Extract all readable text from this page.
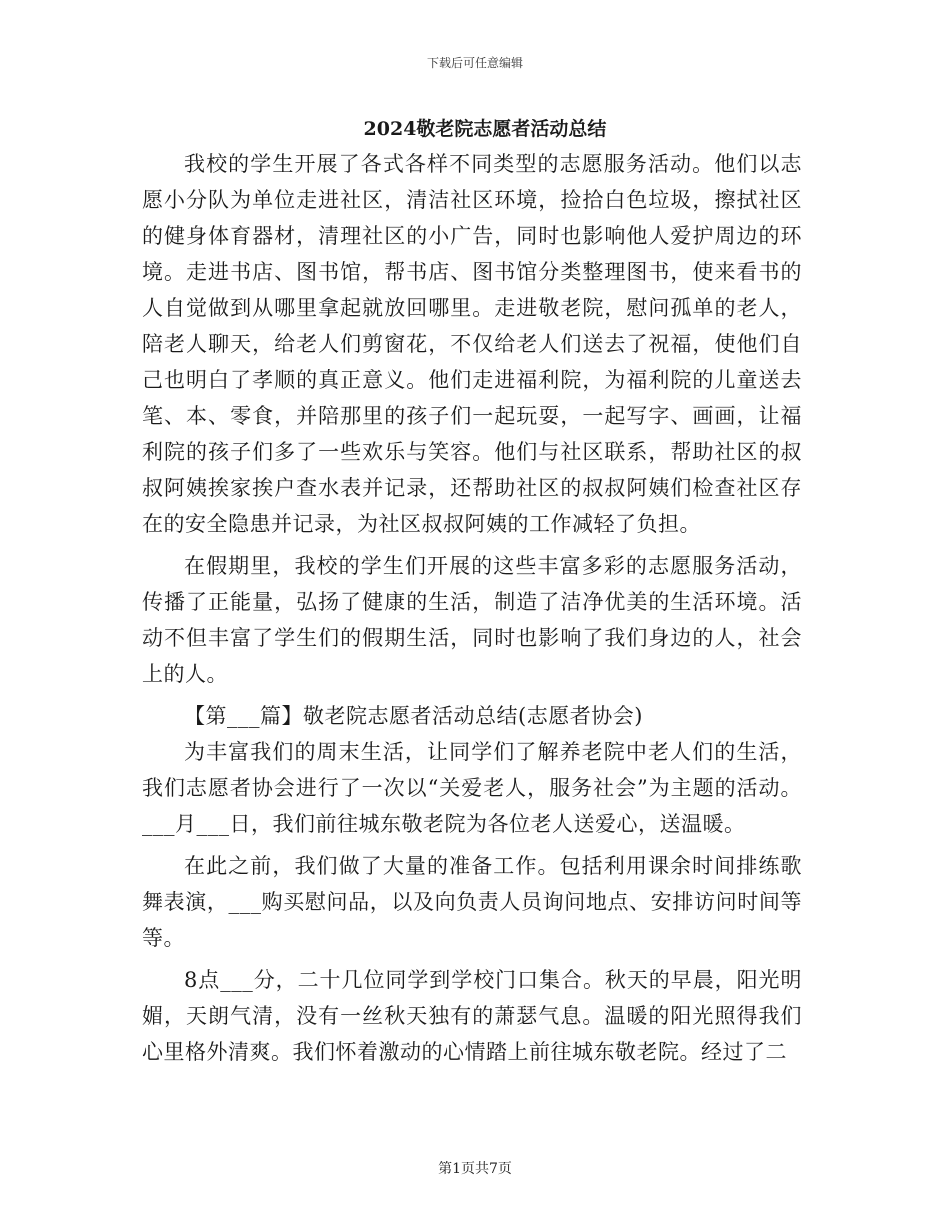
下载后可任意编辑
2024敬老院志愿者活动总结

我校的学生开展了各式各样不同类型的志愿服务活动。他们以志愿小分队为单位走进社区，清洁社区环境，捡拾白色垃圾，擦拭社区的健身体育器材，清理社区的小广告，同时也影响他人爱护周边的环境。走进书店、图书馆，帮书店、图书馆分类整理图书，使来看书的人自觉做到从哪里拿起就放回哪里。走进敬老院，慰问孤单的老人，陪老人聊天，给老人们剪窗花，不仅给老人们送去了祝福，使他们自己也明白了孝顺的真正意义。他们走进福利院，为福利院的儿童送去笔、本、零食，并陪那里的孩子们一起玩耍，一起写字、画画，让福利院的孩子们多了一些欢乐与笑容。他们与社区联系，帮助社区的叔叔阿姨挨家挨户查水表并记录，还帮助社区的叔叔阿姨们检查社区存在的安全隐患并记录，为社区叔叔阿姨的工作减轻了负担。

在假期里，我校的学生们开展的这些丰富多彩的志愿服务活动，传播了正能量，弘扬了健康的生活，制造了洁净优美的生活环境。活动不但丰富了学生们的假期生活，同时也影响了我们身边的人，社会上的人。

【第___篇】敬老院志愿者活动总结(志愿者协会)

为丰富我们的周末生活，让同学们了解养老院中老人们的生活，我们志愿者协会进行了一次以“关爱老人，服务社会”为主题的活动。___月___日，我们前往城东敬老院为各位老人送爱心，送温暖。

在此之前，我们做了大量的准备工作。包括利用课余时间排练歌舞表演，___购买慰问品，以及向负责人员询问地点、安排访问时间等等。

8点___分，二十几位同学到学校门口集合。秋天的早晨，阳光明媚，天朗气清，没有一丝秋天独有的萧瑟气息。温暖的阳光照得我们心里格外清爽。我们怀着激动的心情踏上前往城东敬老院。经过了二

第1页共7页
